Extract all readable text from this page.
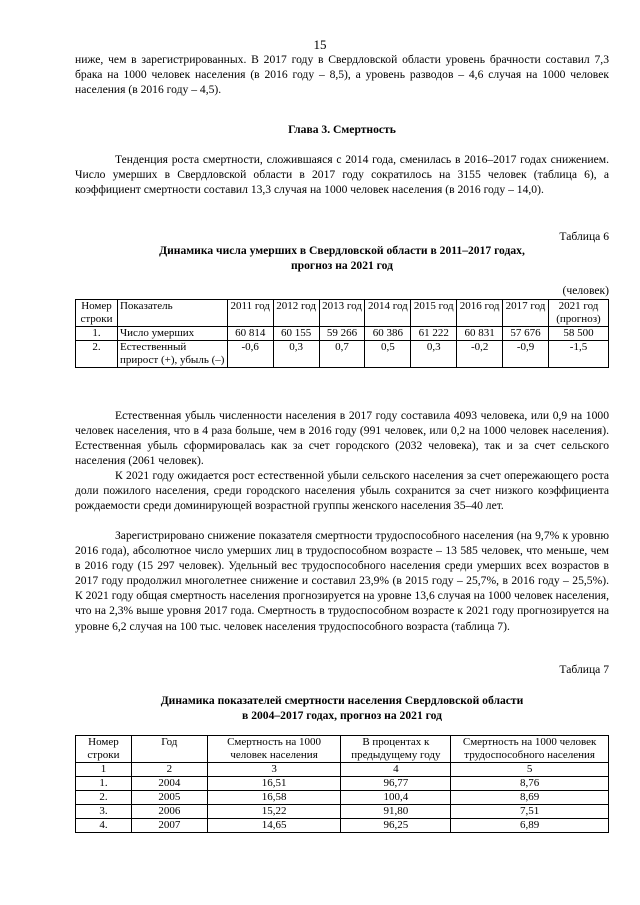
15

ниже, чем в зарегистрированных. В 2017 году в Свердловской области уровень брачности составил 7,3 брака на 1000 человек населения (в 2016 году – 8,5), а уровень разводов – 4,6 случая на 1000 человек населения (в 2016 году – 4,5).

Глава 3. Смертность

Тенденция роста смертности, сложившаяся с 2014 года, сменилась в 2016–2017 годах снижением. Число умерших в Свердловской области в 2017 году сократилось на 3155 человек (таблица 6), а коэффициент смертности составил 13,3 случая на 1000 человек населения (в 2016 году – 14,0).

Таблица 6

Динамика числа умерших в Свердловской области в 2011–2017 годах,

прогноз на 2021 год

(человек)

Номер строки	Показатель	2011 год	2012 год	2013 год	2014 год	2015 год	2016 год	2017 год	2021 год (прогноз)
1.	Число умерших	60 814	60 155	59 266	60 386	61 222	60 831	57 676	58 500
2.	Естественный прирост (+), убыль (–)	-0,6	0,3	0,7	0,5	0,3	-0,2	-0,9	-1,5

Естественная убыль численности населения в 2017 году составила 4093 человека, или 0,9 на 1000 человек населения, что в 4 раза больше, чем в 2016 году (991 человек, или 0,2 на 1000 человек населения). Естественная убыль сформировалась как за счет городского (2032 человека), так и за счет сельского населения (2061 человек).

К 2021 году ожидается рост естественной убыли сельского населения за счет опережающего роста доли пожилого населения, среди городского населения убыль сохранится за счет низкого коэффициента рождаемости среди доминирующей возрастной группы женского населения 35–40 лет.

Зарегистрировано снижение показателя смертности трудоспособного населения (на 9,7% к уровню 2016 года), абсолютное число умерших лиц в трудоспособном возрасте – 13 585 человек, что меньше, чем в 2016 году (15 297 человек). Удельный вес трудоспособного населения среди умерших всех возрастов в 2017 году продолжил многолетнее снижение и составил 23,9% (в 2015 году – 25,7%, в 2016 году – 25,5%). К 2021 году общая смертность населения прогнозируется на уровне 13,6 случая на 1000 человек населения, что на 2,3% выше уровня 2017 года. Смертность в трудоспособном возрасте к 2021 году прогнозируется на уровне 6,2 случая на 100 тыс. человек населения трудоспособного возраста (таблица 7).

Таблица 7

Динамика показателей смертности населения Свердловской области

в 2004–2017 годах, прогноз на 2021 год

Номер строки	Год	Смертность на 1000 человек населения	В процентах к предыдущему году	Смертность на 1000 человек трудоспособного населения
1	2	3	4	5
1.	2004	16,51	96,77	8,76
2.	2005	16,58	100,4	8,69
3.	2006	15,22	91,80	7,51
4.	2007	14,65	96,25	6,89
